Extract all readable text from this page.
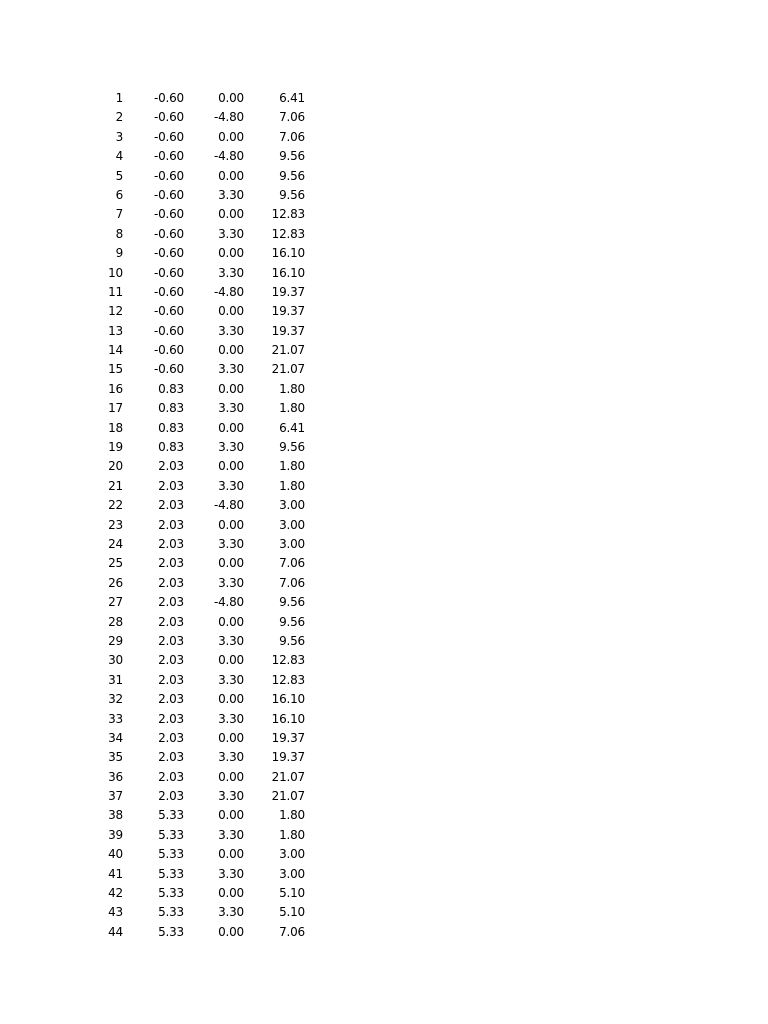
1	-0.60	0.00	6.41
2	-0.60	-4.80	7.06
3	-0.60	0.00	7.06
4	-0.60	-4.80	9.56
5	-0.60	0.00	9.56
6	-0.60	3.30	9.56
7	-0.60	0.00	12.83
8	-0.60	3.30	12.83
9	-0.60	0.00	16.10
10	-0.60	3.30	16.10
11	-0.60	-4.80	19.37
12	-0.60	0.00	19.37
13	-0.60	3.30	19.37
14	-0.60	0.00	21.07
15	-0.60	3.30	21.07
16	0.83	0.00	1.80
17	0.83	3.30	1.80
18	0.83	0.00	6.41
19	0.83	3.30	9.56
20	2.03	0.00	1.80
21	2.03	3.30	1.80
22	2.03	-4.80	3.00
23	2.03	0.00	3.00
24	2.03	3.30	3.00
25	2.03	0.00	7.06
26	2.03	3.30	7.06
27	2.03	-4.80	9.56
28	2.03	0.00	9.56
29	2.03	3.30	9.56
30	2.03	0.00	12.83
31	2.03	3.30	12.83
32	2.03	0.00	16.10
33	2.03	3.30	16.10
34	2.03	0.00	19.37
35	2.03	3.30	19.37
36	2.03	0.00	21.07
37	2.03	3.30	21.07
38	5.33	0.00	1.80
39	5.33	3.30	1.80
40	5.33	0.00	3.00
41	5.33	3.30	3.00
42	5.33	0.00	5.10
43	5.33	3.30	5.10
44	5.33	0.00	7.06
